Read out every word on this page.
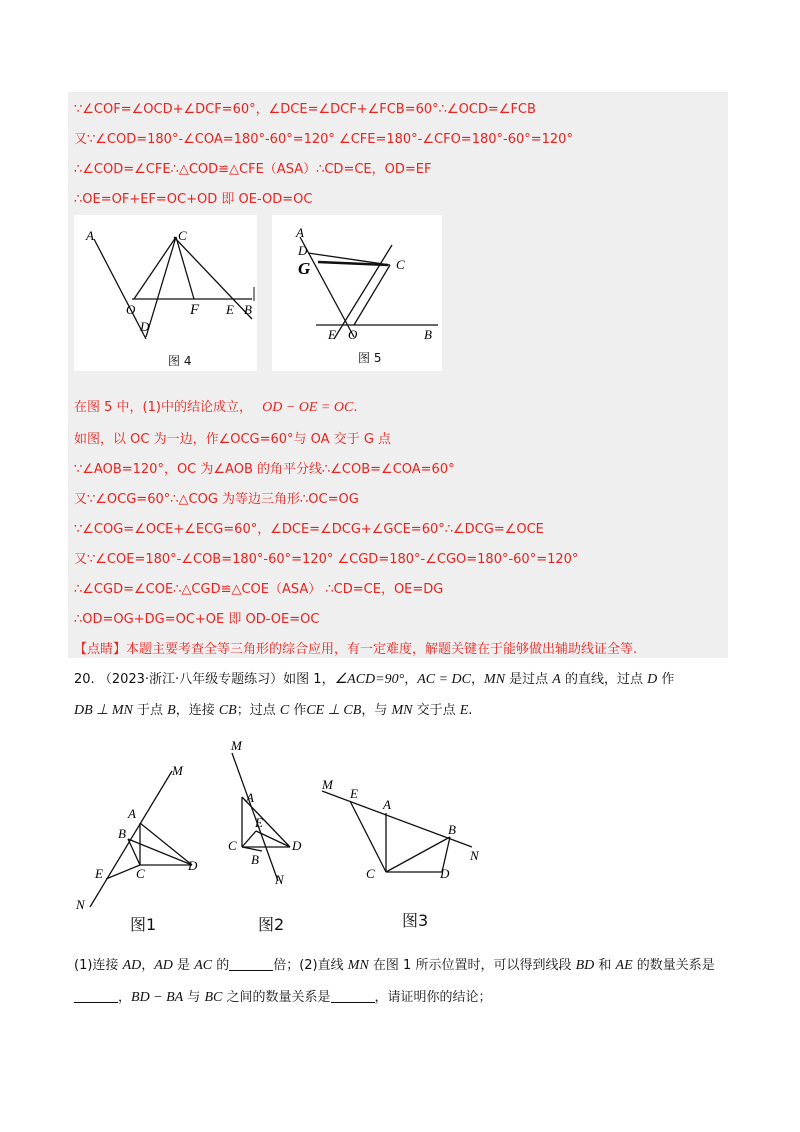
∵∠COF=∠OCD+∠DCF=60°，∠DCE=∠DCF+∠FCB=60°∴∠OCD=∠FCB
又∵∠COD=180°-∠COA=180°-60°=120° ∠CFE=180°-∠CFO=180°-60°=120°
∴∠COD=∠CFE∴△COD≌△CFE（ASA）∴CD=CE，OD=EF
∴OE=OF+EF=OC+OD 即 OE-OD=OC
A	C
O
D
F E B
图 4
A
D
G	C
E O	B
图 5
在图 5 中，(1)中的结论成立， OD − OE = OC.
如图，以 OC 为一边，作∠OCG=60°与 OA 交于 G 点
∵∠AOB=120°，OC 为∠AOB 的角平分线∴∠COB=∠COA=60°
又∵∠OCG=60°∴△COG 为等边三角形∴OC=OG
∵∠COG=∠OCE+∠ECG=60°，∠DCE=∠DCG+∠GCE=60°∴∠DCG=∠OCE
又∵∠COE=180°-∠COB=180°-60°=120° ∠CGD=180°-∠CGO=180°-60°=120°
∴∠CGD=∠COE∴△CGD≌△COE（ASA） ∴CD=CE，OE=DG
∴OD=OG+DG=OC+OE 即 OD-OE=OC
【点睛】本题主要考查全等三角形的综合应用，有一定难度，解题关键在于能够做出辅助线证全等.
20. （2023·浙江·八年级专题练习）如图 1，∠ACD=90°，AC = DC，MN 是过点 A 的直线，过点 D 作
DB ⊥ MN 于点 B，连接 CB；过点 C 作CE ⊥ CB，与 MN 交于点 E.
M
A
B
E	C
D
N
M
A
E
C
B
D
N
M
E
A
B
N
C	D
图1	图2	图3
(1)连接 AD，AD 是 AC 的	倍；(2)直线 MN 在图 1 所示位置时，可以得到线段 BD 和 AE 的数量关系是
，BD − BA 与 BC 之间的数量关系是	，请证明你的结论；
